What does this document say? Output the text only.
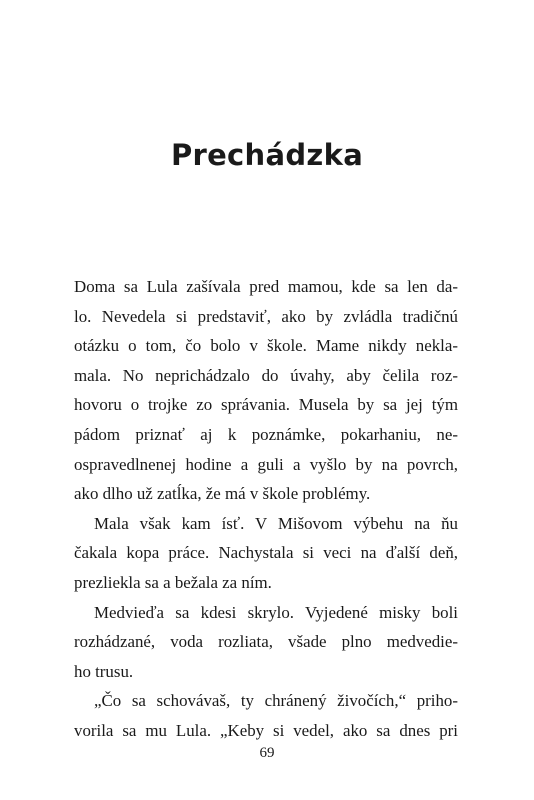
Prechádzka
Doma sa Lula zašívala pred mamou, kde sa len da-
lo. Nevedela si predstaviť, ako by zvládla tradičnú
otázku o tom, čo bolo v škole. Mame nikdy nekla-
mala. No neprichádzalo do úvahy, aby čelila roz-
hovoru o trojke zo správania. Musela by sa jej tým
pádom priznať aj k poznámke, pokarhaniu, ne-
ospravedlnenej hodine a guli a vyšlo by na povrch,
ako dlho už zatĺka, že má v škole problémy.
Mala však kam ísť. V Mišovom výbehu na ňu
čakala kopa práce. Nachystala si veci na ďalší deň,
prezliekla sa a bežala za ním.
Medvieďa sa kdesi skrylo. Vyjedené misky boli
rozhádzané, voda rozliata, všade plno medvedie-
ho trusu.
„Čo sa schovávaš, ty chránený živočích,“ priho-
vorila sa mu Lula. „Keby si vedel, ako sa dnes pri
69
